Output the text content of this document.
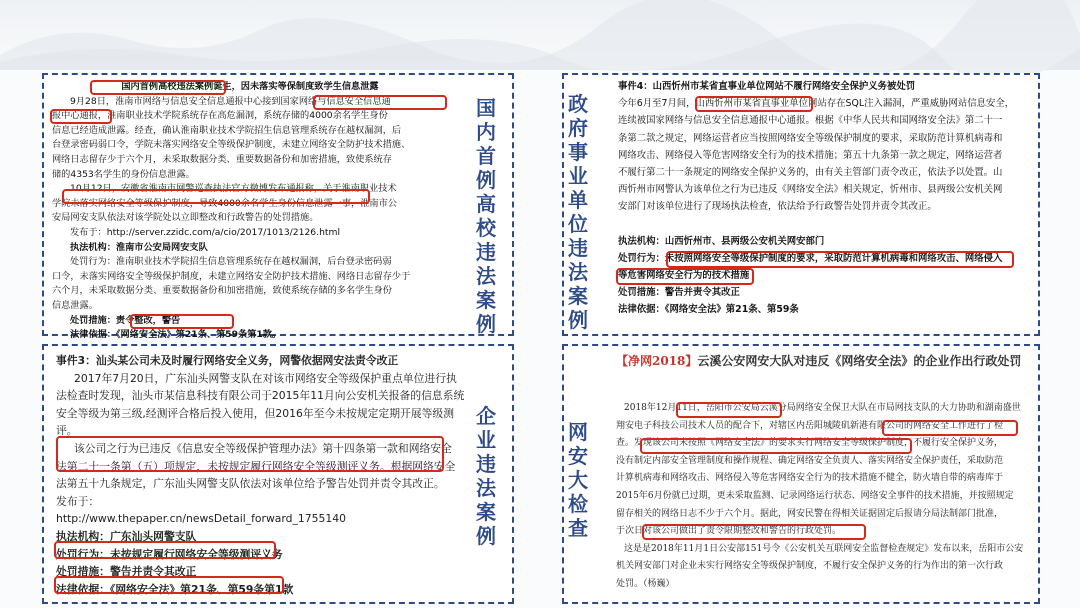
国内首例高校违法案例诞生，因未落实等保制度致学生信息泄露

9月28日，淮南市网络与信息安全信息通报中心接到国家网络与信息安全信息通

报中心通报，淮南职业技术学院系统存在高危漏洞，系统存储的4000余名学生身份

信息已经造成泄露。经查，确认淮南职业技术学院招生信息管理系统存在越权漏洞，后

台登录密码弱口令，学院未落实网络安全等级保护制度，未建立网络安全防护技术措施、

网络日志留存少于六个月，未采取数据分类、重要数据备份和加密措施，致使系统存

储的4353名学生的身份信息泄露。

10月12日，安徽省淮南市网警巡查执法官方微博发布通报称，关于淮南职业技术

学院未落实网络安全等级保护制度，导致4000余名学生身份信息泄露一事，淮南市公

安局网安支队依法对该学院处以立即整改和行政警告的处罚措施。

发布于：http://server.zzidc.com/a/cio/2017/1013/2126.html

执法机构：淮南市公安局网安支队

处罚行为：淮南职业技术学院招生信息管理系统存在越权漏洞，后台登录密码弱

口令，未落实网络安全等级保护制度，未建立网络安全防护技术措施、网络日志留存少于

六个月，未采取数据分类、重要数据备份和加密措施，致使系统存储的多名学生身份

信息泄露。

处罚措施：责令整改，警告

法律依据：《网络安全法》第21条、第59条第1款。

国内首例高校违法案例
政府事业单位违法案例

事件4：山西忻州市某省直事业单位网站不履行网络安全保护义务被处罚

今年6月至7月间，山西忻州市某省直事业单位网站存在SQL注入漏洞，严重威胁网站信息安全，

连续被国家网络与信息安全信息通报中心通报。根据《中华人民共和国网络安全法》第二十一

条第二款之规定，网络运营者应当按照网络安全等级保护制度的要求，采取防范计算机病毒和

网络攻击、网络侵入等危害网络安全行为的技术措施；第五十九条第一款之规定，网络运营者

不履行第二十一条规定的网络安全保护义务的，由有关主管部门责令改正，依法予以处置。山

西忻州市网警认为该单位之行为已违反《网络安全法》相关规定，忻州市、县两级公安机关网

安部门对该单位进行了现场执法检查，依法给予行政警告处罚并责令其改正。

执法机构：山西忻州市、县两级公安机关网安部门

处罚行为：未按照网络安全等级保护制度的要求，采取防范计算机病毒和网络攻击、网络侵入

等危害网络安全行为的技术措施

处罚措施：警告并责令其改正

法律依据：《网络安全法》第21条、第59条

事件3：汕头某公司未及时履行网络安全义务，网警依据网安法责令改正

2017年7月20日，广东汕头网警支队在对该市网络安全等级保护重点单位进行执

法检查时发现，汕头市某信息科技有限公司于2015年11月向公安机关报备的信息系统

安全等级为第三级,经测评合格后投入使用，但2016年至今未按规定定期开展等级测

评。

该公司之行为已违反《信息安全等级保护管理办法》第十四条第一款和网络安全

法第二十一条第（五）项规定，未按规定履行网络安全等级测评义务。根据网络安全

法第五十九条规定，广东汕头网警支队依法对该单位给予警告处罚并责令其改正。

发布于：

http://www.thepaper.cn/newsDetail_forward_1755140

执法机构：广东汕头网警支队

处罚行为：未按规定履行网络安全等级测评义务

处罚措施：警告并责令其改正

法律依据：《网络安全法》第21条、第59条第1款

企业违法案例
网安大检查

【净网2018】云溪公安网安大队对违反《网络安全法》的企业作出行政处罚

2018年12月11日，岳阳市公安局云溪分局网络安全保卫大队在市局网技支队的大力协助和湖南盛世

翔安电子科技公司技术人员的配合下，对辖区内岳阳城陵矶新港有限公司的网络安全工作进行了检

查。发现该公司未按照《网络安全法》的要求实行网络安全等级保护制度，不履行安全保护义务，

没有制定内部安全管理制度和操作规程、确定网络安全负责人、落实网络安全保护责任，采取防范

计算机病毒和网络攻击、网络侵入等危害网络安全行为的技术措施不健全，防火墙自带的病毒库于

2015年6月份就已过期，更未采取监测、记录网络运行状态、网络安全事件的技术措施，并按照规定

留存相关的网络日志不少于六个月。据此，网安民警在得相关证据固定后报请分局法制部门批准，

于次日对该公司做出了责令限期整改和警告的行政处罚。

这是是2018年11月1日公安部151号令《公安机关互联网安全监督检查规定》发布以来，岳阳市公安

机关网安部门对企业未实行网络安全等级保护制度，不履行安全保护义务的行为作出的第一次行政

处罚。（杨巍）
